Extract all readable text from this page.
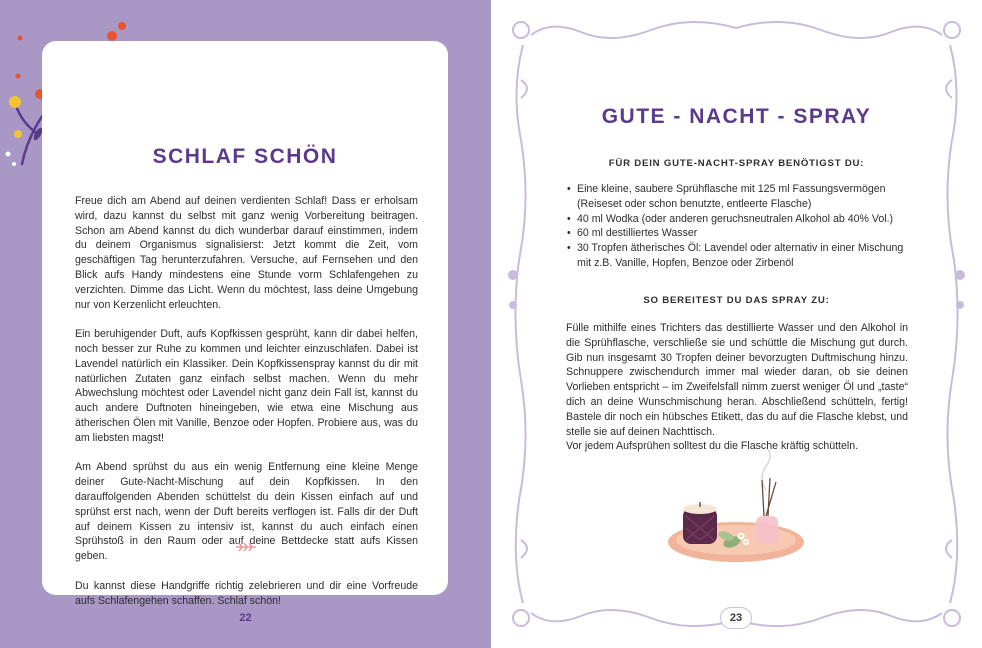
SCHLAF SCHÖN

Freue dich am Abend auf deinen verdienten Schlaf! Dass er erholsam wird, dazu kannst du selbst mit ganz wenig Vorbereitung beitragen. Schon am Abend kannst du dich wunderbar darauf einstimmen, indem du deinem Organismus signalisierst: Jetzt kommt die Zeit, vom geschäftigen Tag herunterzufahren. Versuche, auf Fernsehen und den Blick aufs Handy mindestens eine Stunde vorm Schlafengehen zu verzichten. Dimme das Licht. Wenn du möchtest, lass deine Umgebung nur von Kerzenlicht erleuchten.

Ein beruhigender Duft, aufs Kopfkissen gesprüht, kann dir dabei helfen, noch besser zur Ruhe zu kommen und leichter einzuschlafen. Dabei ist Lavendel natürlich ein Klassiker. Dein Kopfkissenspray kannst du dir mit natürlichen Zutaten ganz einfach selbst machen. Wenn du mehr Abwechslung möchtest oder Lavendel nicht ganz dein Fall ist, kannst du auch andere Duftnoten hineingeben, wie etwa eine Mischung aus ätherischen Ölen mit Vanille, Benzoe oder Hopfen. Probiere aus, was du am liebsten magst!

Am Abend sprühst du aus ein wenig Entfernung eine kleine Menge deiner Gute-Nacht-Mischung auf dein Kopfkissen. In den darauffolgenden Abenden schüttelst du dein Kissen einfach auf und sprühst erst nach, wenn der Duft bereits verflogen ist. Falls dir der Duft auf deinem Kissen zu intensiv ist, kannst du auch einfach einen Sprühstoß in den Raum oder auf deine Bettdecke statt aufs Kissen geben.

Du kannst diese Handgriffe richtig zelebrieren und dir eine Vorfreude aufs Schlafengehen schaffen. Schlaf schön!

22
GUTE - NACHT - SPRAY
FÜR DEIN GUTE-NACHT-SPRAY BENÖTIGST DU:
• Eine kleine, saubere Sprühflasche mit 125 ml Fassungsvermögen (Reiseset oder schon benutzte, entleerte Flasche)
• 40 ml Wodka (oder anderen geruchsneutralen Alkohol ab 40% Vol.)
• 60 ml destilliertes Wasser
• 30 Tropfen ätherisches Öl: Lavendel oder alternativ in einer Mischung mit z.B. Vanille, Hopfen, Benzoe oder Zirbenöl
SO BEREITEST DU DAS SPRAY ZU:
Fülle mithilfe eines Trichters das destillierte Wasser und den Alkohol in die Sprühflasche, verschließe sie und schüttle die Mischung gut durch. Gib nun insgesamt 30 Tropfen deiner bevorzugten Duftmischung hinzu. Schnuppere zwischendurch immer mal wieder daran, ob sie deinen Vorlieben entspricht – im Zweifelsfall nimm zuerst weniger Öl und „taste“ dich an deine Wunschmischung heran. Abschließend schütteln, fertig! Bastele dir noch ein hübsches Etikett, das du auf die Flasche klebst, und stelle sie auf deinen Nachttisch.
Vor jedem Aufsprühen solltest du die Flasche kräftig schütteln.
23
